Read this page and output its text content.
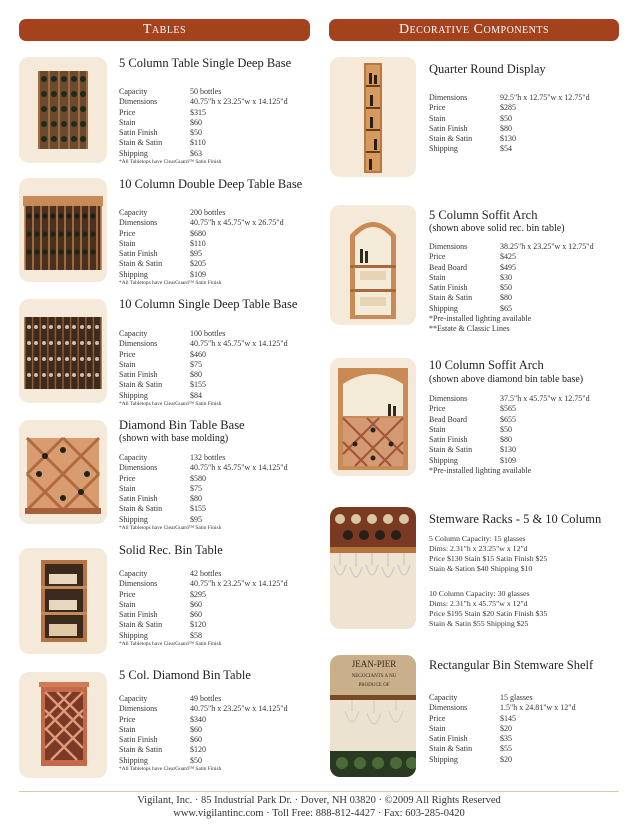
Tables	Decorative Components
5 Column Table Single Deep Base
Capacity	50 bottles
Dimensions	40.75"h x 23.25"w x 14.125"d
Price	$315
Stain	$60
Satin Finish	$50
Stain & Satin	$110
Shipping	$63
*All Tabletops have ClearGuard™ Satin Finish
10 Column Double Deep Table Base
Capacity	200 bottles
Dimensions	40.75"h x 45.75"w x 26.75"d
Price	$680
Stain	$110
Satin Finish	$95
Stain & Satin	$205
Shipping	$109
*All Tabletops have ClearGuard™ Satin Finish
10 Column Single Deep Table Base
Capacity	100 bottles
Dimensions	40.75"h x 45.75"w x 14.125"d
Price	$460
Stain	$75
Satin Finish	$80
Stain & Satin	$155
Shipping	$84
*All Tabletops have ClearGuard™ Satin Finish
Diamond Bin Table Base
(shown with base molding)
Capacity	132 bottles
Dimensions	40.75"h x 45.75"w x 14.125"d
Price	$580
Stain	$75
Satin Finish	$80
Stain & Satin	$155
Shipping	$95
*All Tabletops have ClearGuard™ Satin Finish
Solid Rec. Bin Table
Capacity	42 bottles
Dimensions	40.75"h x 23.25"w x 14.125"d
Price	$295
Stain	$60
Satin Finish	$60
Stain & Satin	$120
Shipping	$58
*All Tabletops have ClearGuard™ Satin Finish
5 Col. Diamond Bin Table
Capacity	49 bottles
Dimensions	40.75"h x 23.25"w x 14.125"d
Price	$340
Stain	$60
Satin Finish	$60
Stain & Satin	$120
Shipping	$50
*All Tabletops have ClearGuard™ Satin Finish
Quarter Round Display
Dimensions	92.5"h x 12.75"w x 12.75"d
Price	$285
Stain	$50
Satin Finish	$80
Stain & Satin	$130
Shipping	$54
5 Column Soffit Arch
(shown above solid rec. bin table)
Dimensions	38.25"h x 23.25"w x 12.75"d
Price	$425
Bead Board	$495
Stain	$30
Satin Finish	$50
Stain & Satin	$80
Shipping	$65
*Pre-installed lighting available
**Estate & Classic Lines
10 Column Soffit Arch
(shown above diamond bin table base)
Dimensions	37.5"h x 45.75"w x 12.75"d
Price	$565
Bead Board	$655
Stain	$50
Satin Finish	$80
Stain & Satin	$130
Shipping	$109
*Pre-installed lighting available
Stemware Racks - 5 & 10 Column
5 Column Capacity: 15 glasses
Dims: 2.31"h x 23.25"w x 12"d
Price $130 Stain $15 Satin Finish $25
Stain & Sation $40 Shipping $10
10 Column Capacity: 30 glasses
Dims: 2.31"h x 45.75"w x 12"d
Price $195 Stain $20 Satin Finish $35
Stain & Satin $55 Shipping $25
JEAN-PIER
NEGOCIANTS A NU
PRODUCE OF
Rectangular Bin Stemware Shelf
Capacity	15 glasses
Dimensions	1.5"h x 24.81"w x 12"d
Price	$145
Stain	$20
Satin Finish	$35
Stain & Satin	$55
Shipping	$20
Vigilant, Inc. · 85 Industrial Park Dr. · Dover, NH 03820 · ©2009 All Rights Reserved
www.vigilantinc.com · Toll Free: 888-812-4427 · Fax: 603-285-0420
